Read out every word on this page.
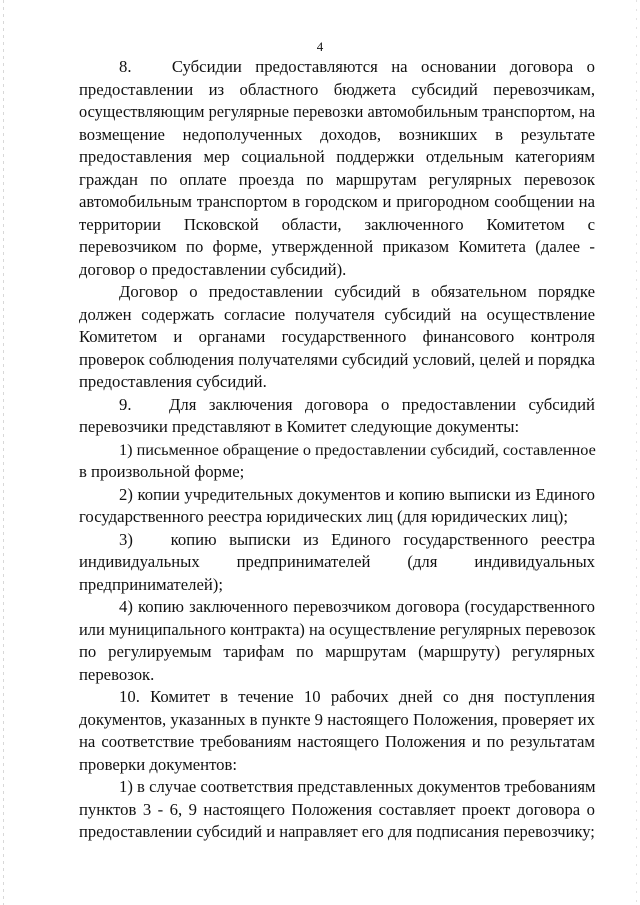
4
8.   Субсидии предоставляются на основании договора о
предоставлении из областного бюджета субсидий перевозчикам,
осуществляющим регулярные перевозки автомобильным транспортом, на
возмещение недополученных доходов, возникших в результате
предоставления мер социальной поддержки отдельным категориям
граждан по оплате проезда по маршрутам регулярных перевозок
автомобильным транспортом в городском и пригородном сообщении на
территории Псковской области, заключенного Комитетом с
перевозчиком по форме, утвержденной приказом Комитета (далее -
договор о предоставлении субсидий).
Договор о предоставлении субсидий в обязательном порядке
должен содержать согласие получателя субсидий на осуществление
Комитетом и органами государственного финансового контроля
проверок соблюдения получателями субсидий условий, целей и порядка
предоставления субсидий.
9.   Для заключения договора о предоставлении субсидий
перевозчики представляют в Комитет следующие документы:
1) письменное обращение о предоставлении субсидий, составленное
в произвольной форме;
2) копии учредительных документов и копию выписки из Единого
государственного реестра юридических лиц (для юридических лиц);
3)   копию выписки из Единого государственного реестра
индивидуальных предпринимателей (для индивидуальных
предпринимателей);
4) копию заключенного перевозчиком договора (государственного
или муниципального контракта) на осуществление регулярных перевозок
по регулируемым тарифам по маршрутам (маршруту) регулярных
перевозок.
10. Комитет в течение 10 рабочих дней со дня поступления
документов, указанных в пункте 9 настоящего Положения, проверяет их
на соответствие требованиям настоящего Положения и по результатам
проверки документов:
1) в случае соответствия представленных документов требованиям
пунктов 3 - 6, 9 настоящего Положения составляет проект договора о
предоставлении субсидий и направляет его для подписания перевозчику;
